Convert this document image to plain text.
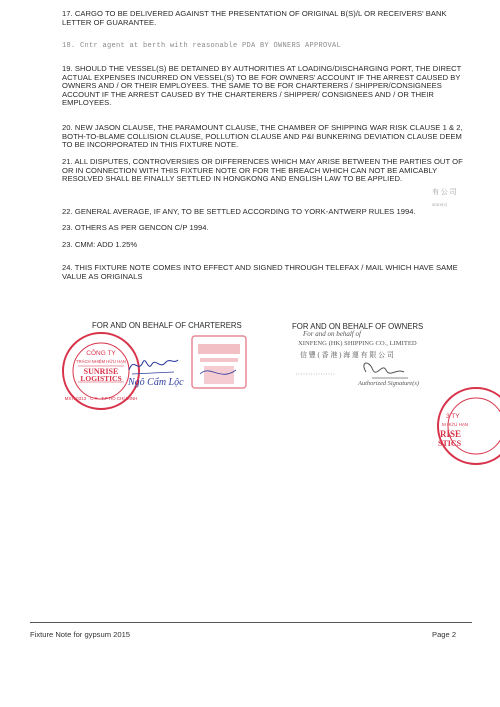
17. CARGO TO BE DELIVERED AGAINST THE PRESENTATION OF ORIGINAL B(S)/L OR RECEIVERS' BANK LETTER OF GUARANTEE.
18. Cntr agent at berth with reasonable PDA BY OWNERS APPROVAL
19. SHOULD THE VESSEL(S) BE DETAINED BY AUTHORITIES AT LOADING/DISCHARGING PORT, THE DIRECT ACTUAL EXPENSES INCURRED ON VESSEL(S) TO BE FOR OWNERS' ACCOUNT IF THE ARREST CAUSED BY OWNERS AND / OR THEIR EMPLOYEES. THE SAME TO BE FOR CHARTERERS / SHIPPER/CONSIGNEES ACCOUNT IF THE ARREST CAUSED BY THE CHARTERERS / SHIPPER/ CONSIGNEES AND / OR THEIR EMPLOYEES.
20. NEW JASON CLAUSE, THE PARAMOUNT CLAUSE, THE CHAMBER OF SHIPPING WAR RISK CLAUSE 1 & 2, BOTH-TO-BLAME COLLISION CLAUSE, POLLUTION CLAUSE AND P&I BUNKERING DEVIATION CLAUSE DEEM TO BE INCORPORATED IN THIS FIXTURE NOTE.
21. ALL DISPUTES, CONTROVERSIES OR DIFFERENCES WHICH MAY ARISE BETWEEN THE PARTIES OUT OF OR IN CONNECTION WITH THIS FIXTURE NOTE OR FOR THE BREACH WHICH CAN NOT BE AMICABLY RESOLVED SHALL BE FINALLY SETTLED IN HONGKONG AND ENGLISH LAW TO BE APPLIED.
22. GENERAL AVERAGE, IF ANY, TO BE SETTLED ACCORDING TO YORK-ANTWERP RULES 1994.
23. OTHERS AS PER GENCON C/P 1994.
23. CMM: ADD 1.25%
24. THIS FIXTURE NOTE COMES INTO EFFECT AND SIGNED THROUGH TELEFAX / MAIL WHICH HAVE SAME VALUE AS ORIGINALS
有 公 司
ature(s)
FOR AND ON BEHALF OF CHARTERERS	FOR AND ON BEHALF OF OWNERS
CÔNG TY
TRÁCH NHIỆM HỮU HẠN
SUNRISE
LOGISTICS
MST: 0313 · C.T · T.P HỒ CHÍ MINH
Ngô Cẩm Lộc
For and on behalf of
XINFENG (HK) SHIPPING CO., LIMITED
信 豐 ( 香 港 ) 海 運 有 限 公 司
Authorized Signature(s)
3 TY
M HỮU HẠN
RISE
STICS
Fixture Note for gypsum 2015	Page 2
